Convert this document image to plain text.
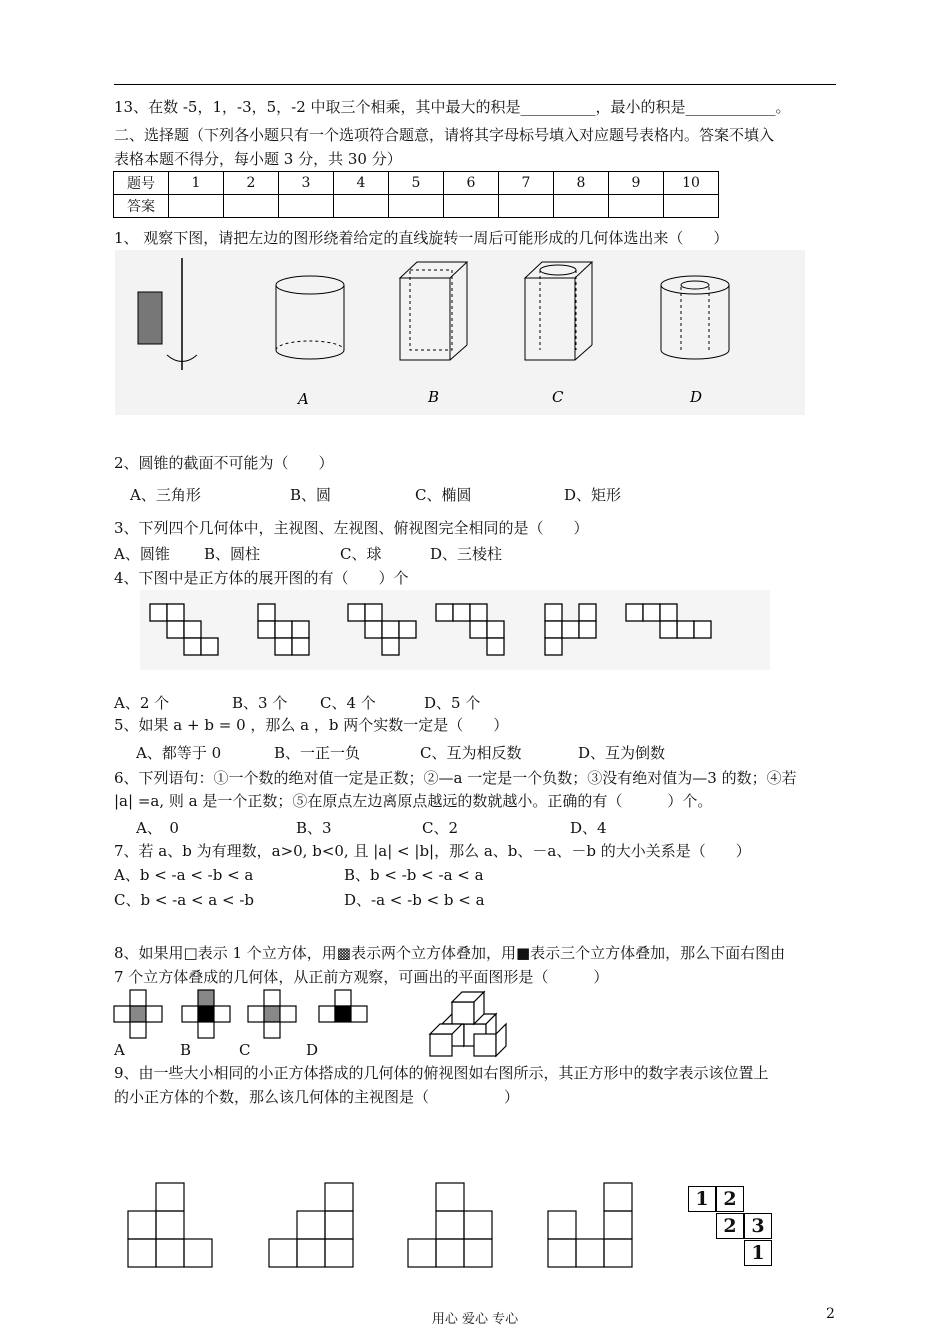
13、在数 -5，1，-3，5，-2 中取三个相乘，其中最大的积是__________，最小的积是____________。
二、选择题（下列各小题只有一个选项符合题意，请将其字母标号填入对应题号表格内。答案不填入
表格本题不得分，每小题 3 分，共 30 分）
题号	1	2	3	4	5	6	7	8	9	10
答案										
1、 观察下图，请把左边的图形绕着给定的直线旋转一周后可能形成的几何体选出来（　　）
A	B	C	D
2、圆锥的截面不可能为（　　）
A、三角形	B、圆	C、椭圆	D、矩形
3、下列四个几何体中，主视图、左视图、俯视图完全相同的是（　　）
A、圆锥 B、圆柱	C、球	D、三棱柱
4、下图中是正方体的展开图的有（　　）个
A、2 个	B、3 个 C、4 个	D、5 个
5、如果 a + b = 0 ，那么 a ，b 两个实数一定是（　　）
A、都等于 0	B、一正一负	C、互为相反数	D、互为倒数
6、下列语句：①一个数的绝对值一定是正数；②—a 一定是一个负数；③没有绝对值为—3 的数；④若
|a| =a, 则 a 是一个正数；⑤在原点左边离原点越远的数就越小。正确的有（　　　）个。
A、　0	B、3	C、2	D、4
7、若 a、b 为有理数，a>0, b<0, 且 |a| < |b|，那么 a、b、－a、－b 的大小关系是（　　）
A、b < -a < -b < a	B、b < -b < -a < a
C、b < -a < a < -b	D、-a < -b < b < a
8、如果用□表示 1 个立方体，用▩表示两个立方体叠加，用■表示三个立方体叠加，那么下面右图由
7 个立方体叠成的几何体，从正前方观察，可画出的平面图形是（　　　）
A	B	C	D
9、由一些大小相同的小正方体搭成的几何体的俯视图如右图所示，其正方形中的数字表示该位置上
的小正方体的个数，那么该几何体的主视图是（　　　　　）
1 2
2 3
1
用心 爱心 专心	2
